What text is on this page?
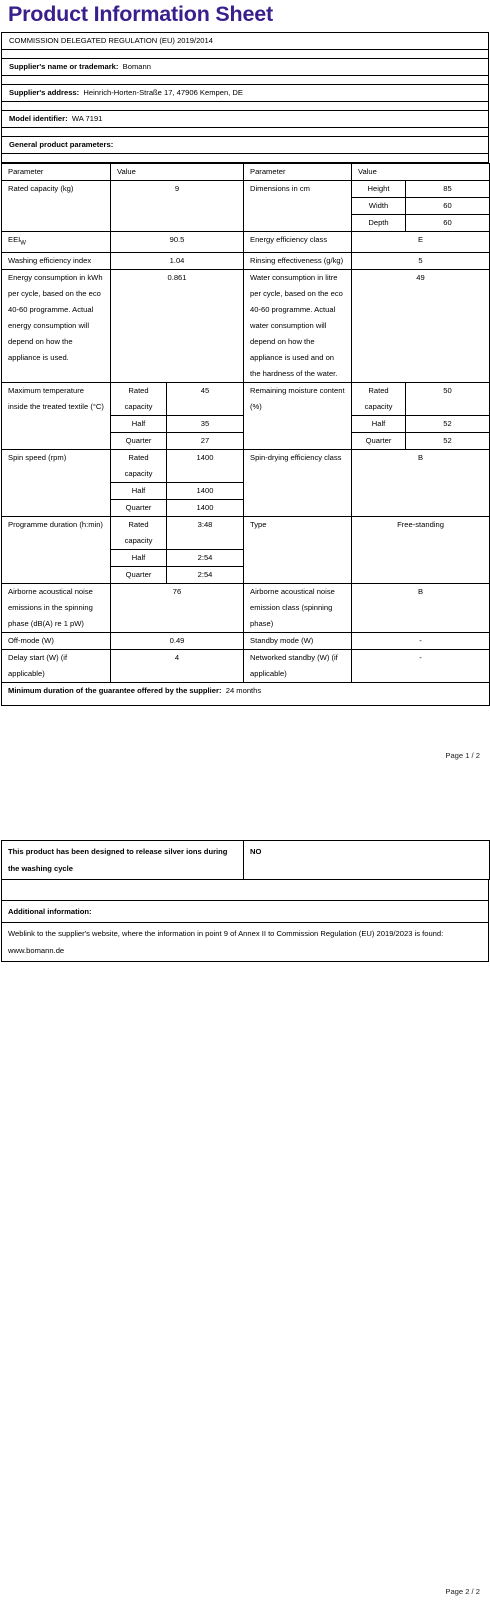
Product Information Sheet
COMMISSION DELEGATED REGULATION (EU) 2019/2014
Supplier's name or trademark: Bomann
Supplier's address: Heinrich-Horten-Straße 17, 47906 Kempen, DE
Model identifier: WA 7191
General product parameters:
Parameter	Value		Parameter	Value	
Rated capacity (kg)	9		Dimensions in cm	Height	85
				Width	60
				Depth	60
$EEI_W$	90.5		Energy efficiency class	E	
Washing efficiency index	1.04		Rinsing effectiveness (g/kg)	5	
Energy consumption in kWh per cycle, based on the eco 40-60 programme. Actual energy consumption will depend on how the appliance is used.	0.861		Water consumption in litre per cycle, based on the eco 40-60 programme. Actual water consumption will depend on how the appliance is used and on the hardness of the water.	49	
Maximum temperature inside the treated textile (°C)	Rated capacity	45	Remaining moisture content (%)	Rated capacity	50
	Half	35		Half	52
	Quarter	27		Quarter	52
Spin speed (rpm)	Rated capacity	1400	Spin-drying efficiency class	B	
	Half	1400			
	Quarter	1400			
Programme duration (h:min)	Rated capacity	3:48	Type	Free-standing	
	Half	2:54			
	Quarter	2:54			
Airborne acoustical noise emissions in the spinning phase (dB(A) re 1 pW)	76		Airborne acoustical noise emission class (spinning phase)	B	
Off-mode (W)	0.49		Standby mode (W)	-	
Delay start (W) (if applicable)	4		Networked standby (W) (if applicable)	-	
Minimum duration of the guarantee offered by the supplier: 24 months					
Page 1 / 2
This product has been designed to release silver ions during the washing cycle	NO
Additional information:
Weblink to the supplier's website, where the information in point 9 of Annex II to Commission Regulation (EU) 2019/2023 is found: www.bomann.de
Page 2 / 2
